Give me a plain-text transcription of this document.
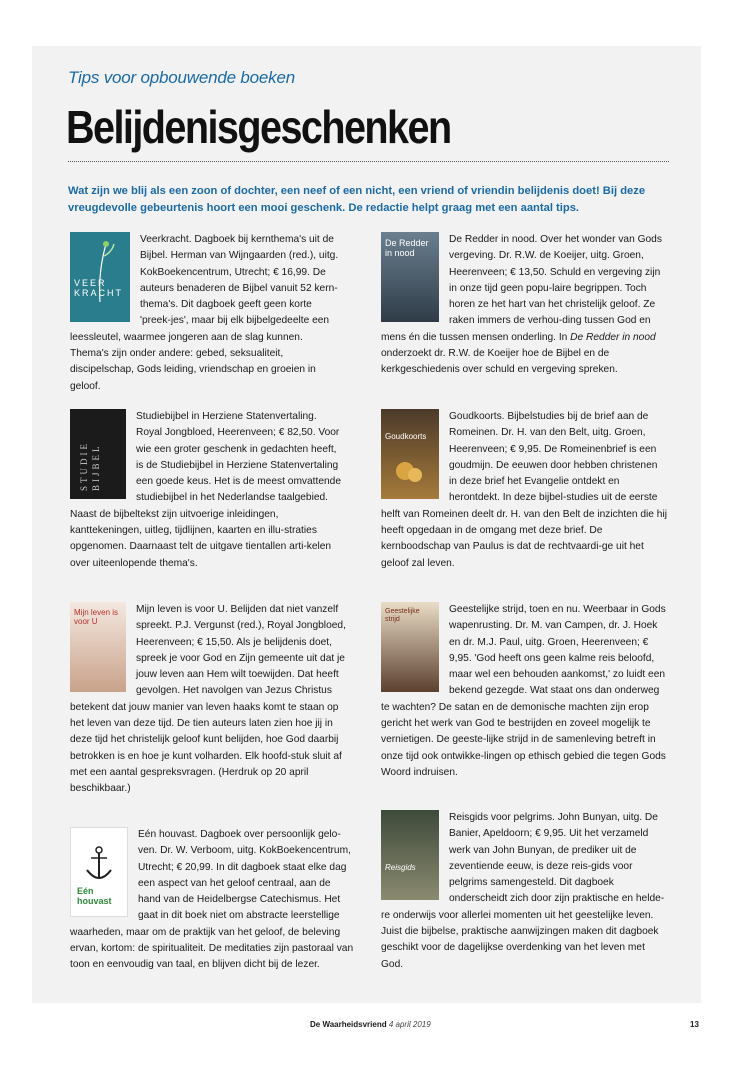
Tips voor opbouwende boeken
Belijdenisgeschenken
Wat zijn we blij als een zoon of dochter, een neef of een nicht, een vriend of vriendin belijdenis doet! Bij deze vreugdevolle gebeurtenis hoort een mooi geschenk. De redactie helpt graag met een aantal tips.
VEER KRACHT

Veerkracht. Dagboek bij kernthema's uit de Bijbel. Herman van Wijngaarden (red.), uitg. KokBoekencentrum, Utrecht; € 16,99. De auteurs benaderen de Bijbel vanuit 52 kern-thema's. Dit dagboek geeft geen korte 'preek-jes', maar bij elk bijbelgedeelte een leessleutel, waarmee jongeren aan de slag kunnen. Thema's zijn onder andere: gebed, seksualiteit, discipelschap, Gods leiding, vriendschap en groeien in geloof.

De Redder in nood

De Redder in nood. Over het wonder van Gods vergeving. Dr. R.W. de Koeijer, uitg. Groen, Heerenveen; € 13,50. Schuld en vergeving zijn in onze tijd geen popu-laire begrippen. Toch horen ze het hart van het christelijk geloof. Ze raken immers de verhou-ding tussen God en mens én die tussen mensen onderling. In De Redder in nood onderzoekt dr. R.W. de Koeijer hoe de Bijbel en de kerkgeschiedenis over schuld en vergeving spreken.

STUDIE BIJBEL

Studiebijbel in Herziene Statenvertaling. Royal Jongbloed, Heerenveen; € 82,50. Voor wie een groter geschenk in gedachten heeft, is de Studiebijbel in Herziene Statenvertaling een goede keus. Het is de meest omvattende studiebijbel in het Nederlandse taalgebied. Naast de bijbeltekst zijn uitvoerige inleidingen, kanttekeningen, uitleg, tijdlijnen, kaarten en illu-straties opgenomen. Daarnaast telt de uitgave tientallen arti-kelen over uiteenlopende thema's.

Goudkoorts

Goudkoorts. Bijbelstudies bij de brief aan de Romeinen. Dr. H. van den Belt, uitg. Groen, Heerenveen; € 9,95. De Romeinenbrief is een goudmijn. De eeuwen door hebben christenen in deze brief het Evangelie ontdekt en herontdekt. In deze bijbel-studies uit de eerste helft van Romeinen deelt dr. H. van den Belt de inzichten die hij heeft opgedaan in de omgang met deze brief. De kernboodschap van Paulus is dat de rechtvaardi-ge uit het geloof zal leven.

Mijn leven is voor U

Mijn leven is voor U. Belijden dat niet vanzelf spreekt. P.J. Vergunst (red.), Royal Jongbloed, Heerenveen; € 15,50. Als je belijdenis doet, spreek je voor God en Zijn gemeente uit dat je jouw leven aan Hem wilt toewijden. Dat heeft gevolgen. Het navolgen van Jezus Christus betekent dat jouw manier van leven haaks komt te staan op het leven van deze tijd. De tien auteurs laten zien hoe jij in deze tijd het christelijk geloof kunt belijden, hoe God daarbij betrokken is en hoe je kunt volharden. Elk hoofd-stuk sluit af met een aantal gespreksvragen. (Herdruk op 20 april beschikbaar.)

Geestelijke strijd

Geestelijke strijd, toen en nu. Weerbaar in Gods wapenrusting. Dr. M. van Campen, dr. J. Hoek en dr. M.J. Paul, uitg. Groen, Heerenveen; € 9,95. 'God heeft ons geen kalme reis beloofd, maar wel een behouden aankomst,' zo luidt een bekend gezegde. Wat staat ons dan onderweg te wachten? De satan en de demonische machten zijn erop gericht het werk van God te bestrijden en zoveel mogelijk te vernietigen. De geeste-lijke strijd in de samenleving betreft in onze tijd ook ontwikke-lingen op ethisch gebied die tegen Gods Woord indruisen.

Eén houvast

Eén houvast. Dagboek over persoonlijk gelo-ven. Dr. W. Verboom, uitg. KokBoekencentrum, Utrecht; € 20,99. In dit dagboek staat elke dag een aspect van het geloof centraal, aan de hand van de Heidelbergse Catechismus. Het gaat in dit boek niet om abstracte leerstellige waarheden, maar om de praktijk van het geloof, de beleving ervan, kortom: de spiritualiteit. De meditaties zijn pastoraal van toon en eenvoudig van taal, en blijven dicht bij de lezer.

Reisgids

Reisgids voor pelgrims. John Bunyan, uitg. De Banier, Apeldoorn; € 9,95. Uit het verzameld werk van John Bunyan, de prediker uit de zeventiende eeuw, is deze reis-gids voor pelgrims samengesteld. Dit dagboek onderscheidt zich door zijn praktische en helde-re onderwijs voor allerlei momenten uit het geestelijke leven. Juist die bijbelse, praktische aanwijzingen maken dit dagboek geschikt voor de dagelijkse overdenking van het leven met God.

De Waarheidsvriend 4 april 2019	13
